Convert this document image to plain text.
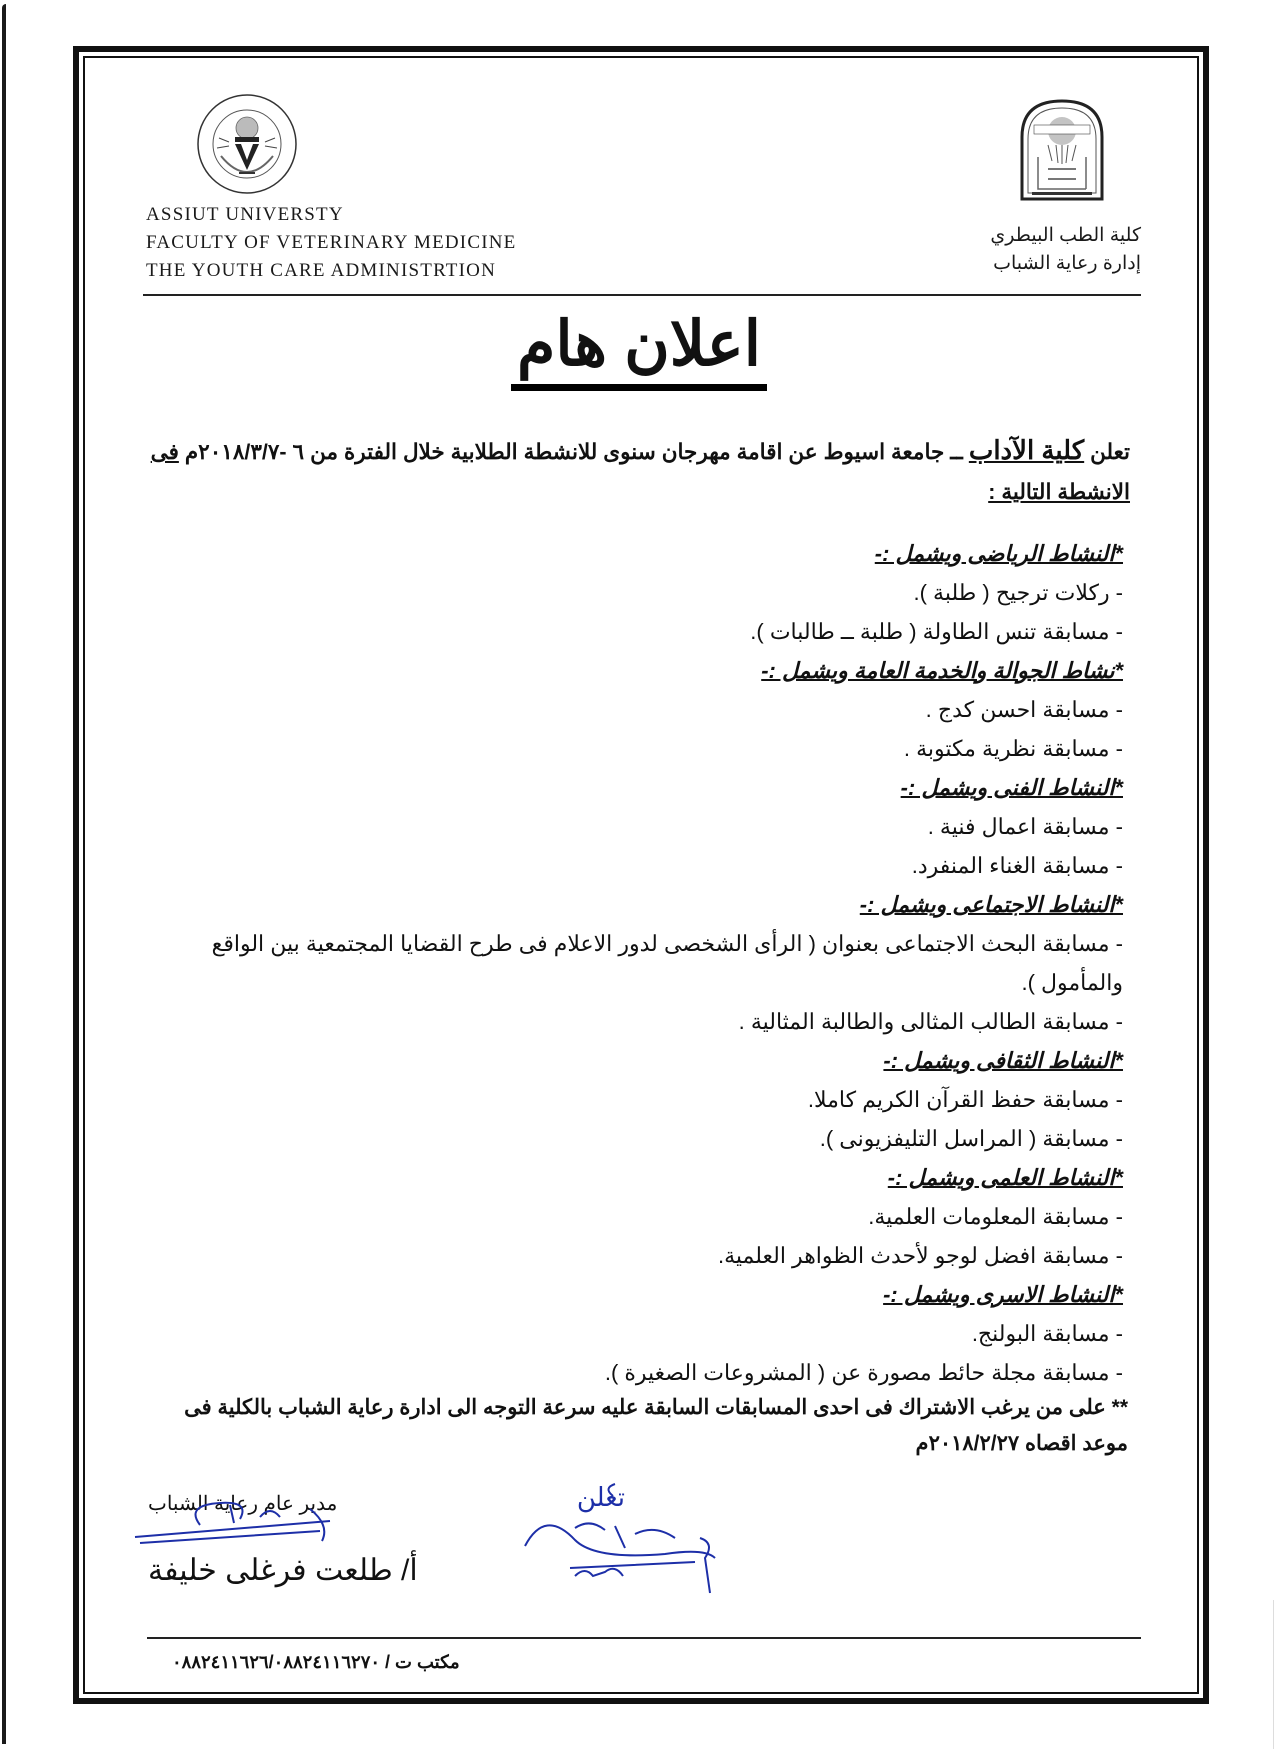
ASSIUT UNIVERSTY
FACULTY OF VETERINARY MEDICINE
THE YOUTH CARE ADMINISTRTION
كلية الطب البيطري
إدارة رعاية الشباب
اعلان هام
تعلن كلية الآداب ــ جامعة اسيوط عن اقامة مهرجان سنوى للانشطة الطلابية خلال الفترة من ٦ -٢٠١٨/٣/٧م فى الانشطة التالية :
*النشاط الرياضى ويشمل :-
- ركلات ترجيح ( طلبة ).
- مسابقة تنس الطاولة ( طلبة ــ طالبات ).
*نشاط الجوالة والخدمة العامة ويشمل :-
- مسابقة احسن كدج .
- مسابقة نظرية مكتوبة .
*النشاط الفنى ويشمل :-
- مسابقة اعمال فنية .
- مسابقة الغناء المنفرد.
*النشاط الاجتماعى ويشمل :-
- مسابقة البحث الاجتماعى بعنوان ( الرأى الشخصى لدور الاعلام فى طرح القضايا المجتمعية بين الواقع والمأمول ).
- مسابقة الطالب المثالى والطالبة المثالية .
*النشاط الثقافى ويشمل :-
- مسابقة حفظ القرآن الكريم كاملا.
- مسابقة ( المراسل التليفزيونى ).
*النشاط العلمى ويشمل :-
- مسابقة المعلومات العلمية.
- مسابقة افضل لوجو لأحدث الظواهر العلمية.
*النشاط الاسرى ويشمل :-
- مسابقة البولنج.
- مسابقة مجلة حائط مصورة عن ( المشروعات الصغيرة ).
** على من يرغب الاشتراك فى احدى المسابقات السابقة عليه سرعة التوجه الى ادارة رعاية الشباب بالكلية فى موعد اقصاه ٢٠١٨/٢/٢٧م
مدير عام رعاية الشباب
أ/ طلعت فرغلى خليفة
تعلن
مكتب ت / ٠٨٨٢٤١١٦٢٦/٠٨٨٢٤١١٦٢٧٠
